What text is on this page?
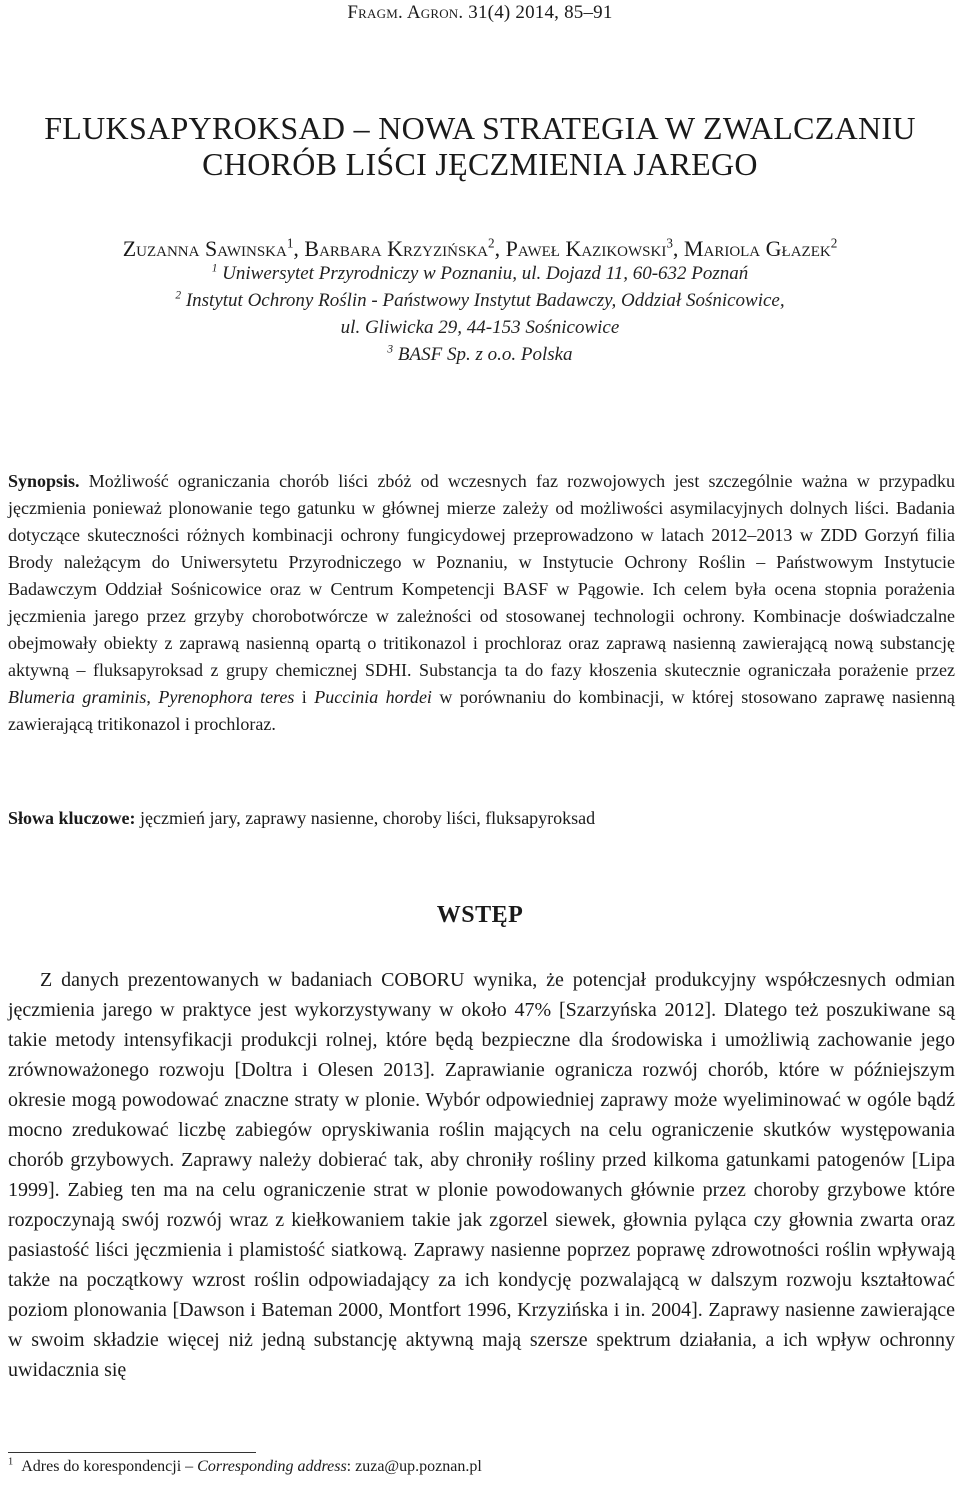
Fragm. Agron. 31(4) 2014, 85–91
FLUKSAPYROKSAD – NOWA STRATEGIA W ZWALCZANIU
CHORÓB LIŚCI JĘCZMIENIA JAREGO
Zuzanna Sawinska$^1$, Barbara Krzyzińska$^2$, Paweł Kazikowski$^3$, Mariola Głazek$^2$
$^1$ Uniwersytet Przyrodniczy w Poznaniu, ul. Dojazd 11, 60-632 Poznań
$^2$ Instytut Ochrony Roślin - Państwowy Instytut Badawczy, Oddział Sośnicowice,
ul. Gliwicka 29, 44-153 Sośnicowice
$^3$ BASF Sp. z o.o. Polska
Synopsis. Możliwość ograniczania chorób liści zbóż od wczesnych faz rozwojowych jest szczególnie ważna w przypadku jęczmienia ponieważ plonowanie tego gatunku w głównej mierze zależy od możliwości asymilacyjnych dolnych liści. Badania dotyczące skuteczności różnych kombinacji ochrony fungicydowej przeprowadzono w latach 2012–2013 w ZDD Gorzyń filia Brody należącym do Uniwersytetu Przyrodniczego w Poznaniu, w Instytucie Ochrony Roślin – Państwowym Instytucie Badawczym Oddział Sośnicowice oraz w Centrum Kompetencji BASF w Pągowie. Ich celem była ocena stopnia porażenia jęczmienia jarego przez grzyby chorobotwórcze w zależności od stosowanej technologii ochrony. Kombinacje doświadczalne obejmowały obiekty z zaprawą nasienną opartą o tritikonazol i prochloraz oraz zaprawą nasienną zawierającą nową substancję aktywną – fluksapyroksad z grupy chemicznej SDHI. Substancja ta do fazy kłoszenia skutecznie ograniczała porażenie przez Blumeria graminis, Pyrenophora teres i Puccinia hordei w porównaniu do kombinacji, w której stosowano zaprawę nasienną zawierającą tritikonazol i prochloraz.
Słowa kluczowe: jęczmień jary, zaprawy nasienne, choroby liści, fluksapyroksad
WSTĘP

Z danych prezentowanych w badaniach COBORU wynika, że potencjał produkcyjny współczesnych odmian jęczmienia jarego w praktyce jest wykorzystywany w około 47% [Szarzyńska 2012]. Dlatego też poszukiwane są takie metody intensyfikacji produkcji rolnej, które będą bezpieczne dla środowiska i umożliwią zachowanie jego zrównoważonego rozwoju [Doltra i Olesen 2013]. Zaprawianie ogranicza rozwój chorób, które w późniejszym okresie mogą powodować znaczne straty w plonie. Wybór odpowiedniej zaprawy może wyeliminować w ogóle bądź mocno zredukować liczbę zabiegów opryskiwania roślin mających na celu ograniczenie skutków występowania chorób grzybowych. Zaprawy należy dobierać tak, aby chroniły rośliny przed kilkoma gatunkami patogenów [Lipa 1999]. Zabieg ten ma na celu ograniczenie strat w plonie powodowanych głównie przez choroby grzybowe które rozpoczynają swój rozwój wraz z kiełkowaniem takie jak zgorzel siewek, głownia pyląca czy głownia zwarta oraz pasiastość liści jęczmienia i plamistość siatkową. Zaprawy nasienne poprzez poprawę zdrowotności roślin wpływają także na początkowy wzrost roślin odpowiadający za ich kondycję pozwalającą w dalszym rozwoju kształtować poziom plonowania [Dawson i Bateman 2000, Montfort 1996, Krzyzińska i in. 2004]. Zaprawy nasienne zawierające w swoim składzie więcej niż jedną substancję aktywną mają szersze spektrum działania, a ich wpływ ochronny uwidacznia się

$^1$ Adres do korespondencji – Corresponding address: zuza@up.poznan.pl
